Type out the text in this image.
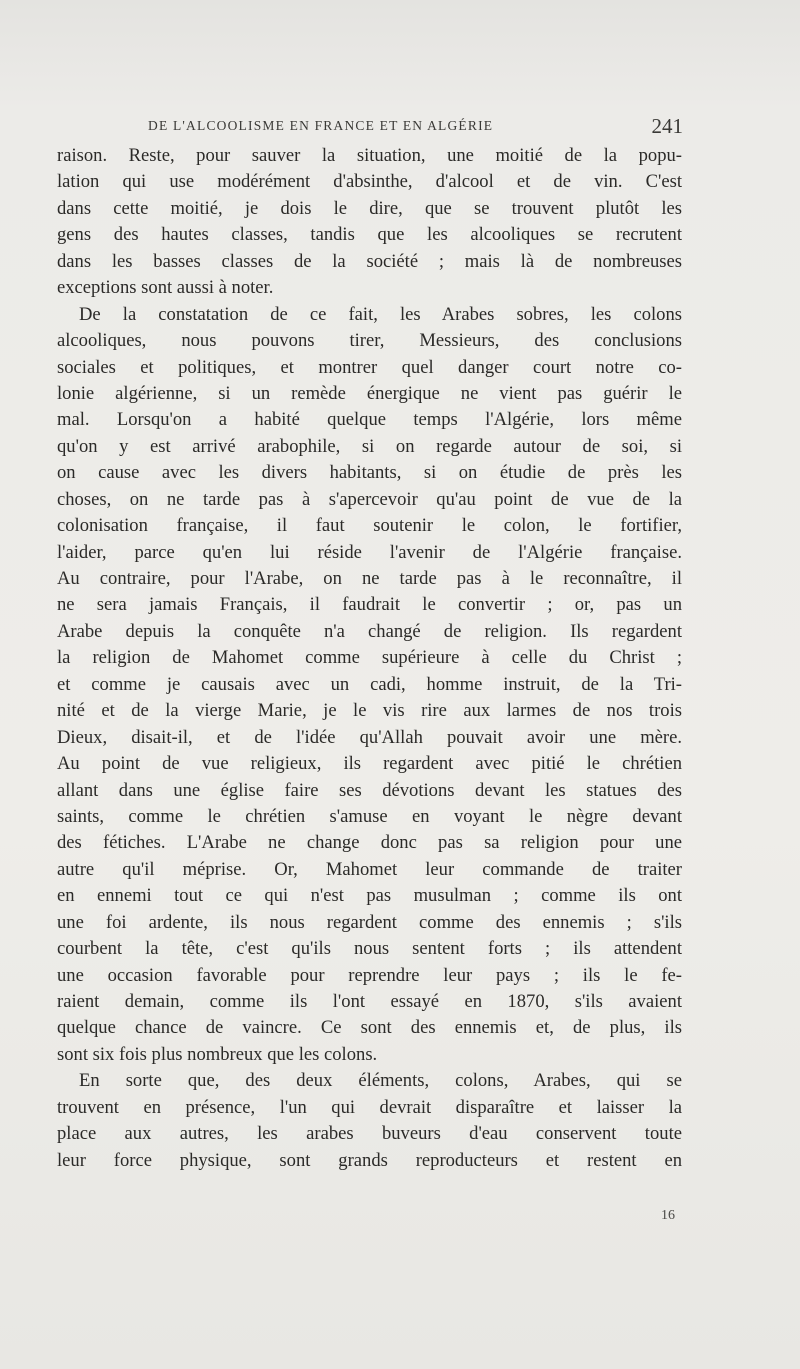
DE L'ALCOOLISME EN FRANCE ET EN ALGÉRIE	241
raison. Reste, pour sauver la situation, une moitié de la popu-
lation qui use modérément d'absinthe, d'alcool et de vin. C'est
dans cette moitié, je dois le dire, que se trouvent plutôt les
gens des hautes classes, tandis que les alcooliques se recrutent
dans les basses classes de la société ; mais là de nombreuses
exceptions sont aussi à noter.
De la constatation de ce fait, les Arabes sobres, les colons
alcooliques, nous pouvons tirer, Messieurs, des conclusions
sociales et politiques, et montrer quel danger court notre co-
lonie algérienne, si un remède énergique ne vient pas guérir le
mal. Lorsqu'on a habité quelque temps l'Algérie, lors même
qu'on y est arrivé arabophile, si on regarde autour de soi, si
on cause avec les divers habitants, si on étudie de près les
choses, on ne tarde pas à s'apercevoir qu'au point de vue de la
colonisation française, il faut soutenir le colon, le fortifier,
l'aider, parce qu'en lui réside l'avenir de l'Algérie française.
Au contraire, pour l'Arabe, on ne tarde pas à le reconnaître, il
ne sera jamais Français, il faudrait le convertir ; or, pas un
Arabe depuis la conquête n'a changé de religion. Ils regardent
la religion de Mahomet comme supérieure à celle du Christ ;
et comme je causais avec un cadi, homme instruit, de la Tri-
nité et de la vierge Marie, je le vis rire aux larmes de nos trois
Dieux, disait-il, et de l'idée qu'Allah pouvait avoir une mère.
Au point de vue religieux, ils regardent avec pitié le chrétien
allant dans une église faire ses dévotions devant les statues des
saints, comme le chrétien s'amuse en voyant le nègre devant
des fétiches. L'Arabe ne change donc pas sa religion pour une
autre qu'il méprise. Or, Mahomet leur commande de traiter
en ennemi tout ce qui n'est pas musulman ; comme ils ont
une foi ardente, ils nous regardent comme des ennemis ; s'ils
courbent la tête, c'est qu'ils nous sentent forts ; ils attendent
une occasion favorable pour reprendre leur pays ; ils le fe-
raient demain, comme ils l'ont essayé en 1870, s'ils avaient
quelque chance de vaincre. Ce sont des ennemis et, de plus, ils
sont six fois plus nombreux que les colons.
En sorte que, des deux éléments, colons, Arabes, qui se
trouvent en présence, l'un qui devrait disparaître et laisser la
place aux autres, les arabes buveurs d'eau conservent toute
leur force physique, sont grands reproducteurs et restent en
16
